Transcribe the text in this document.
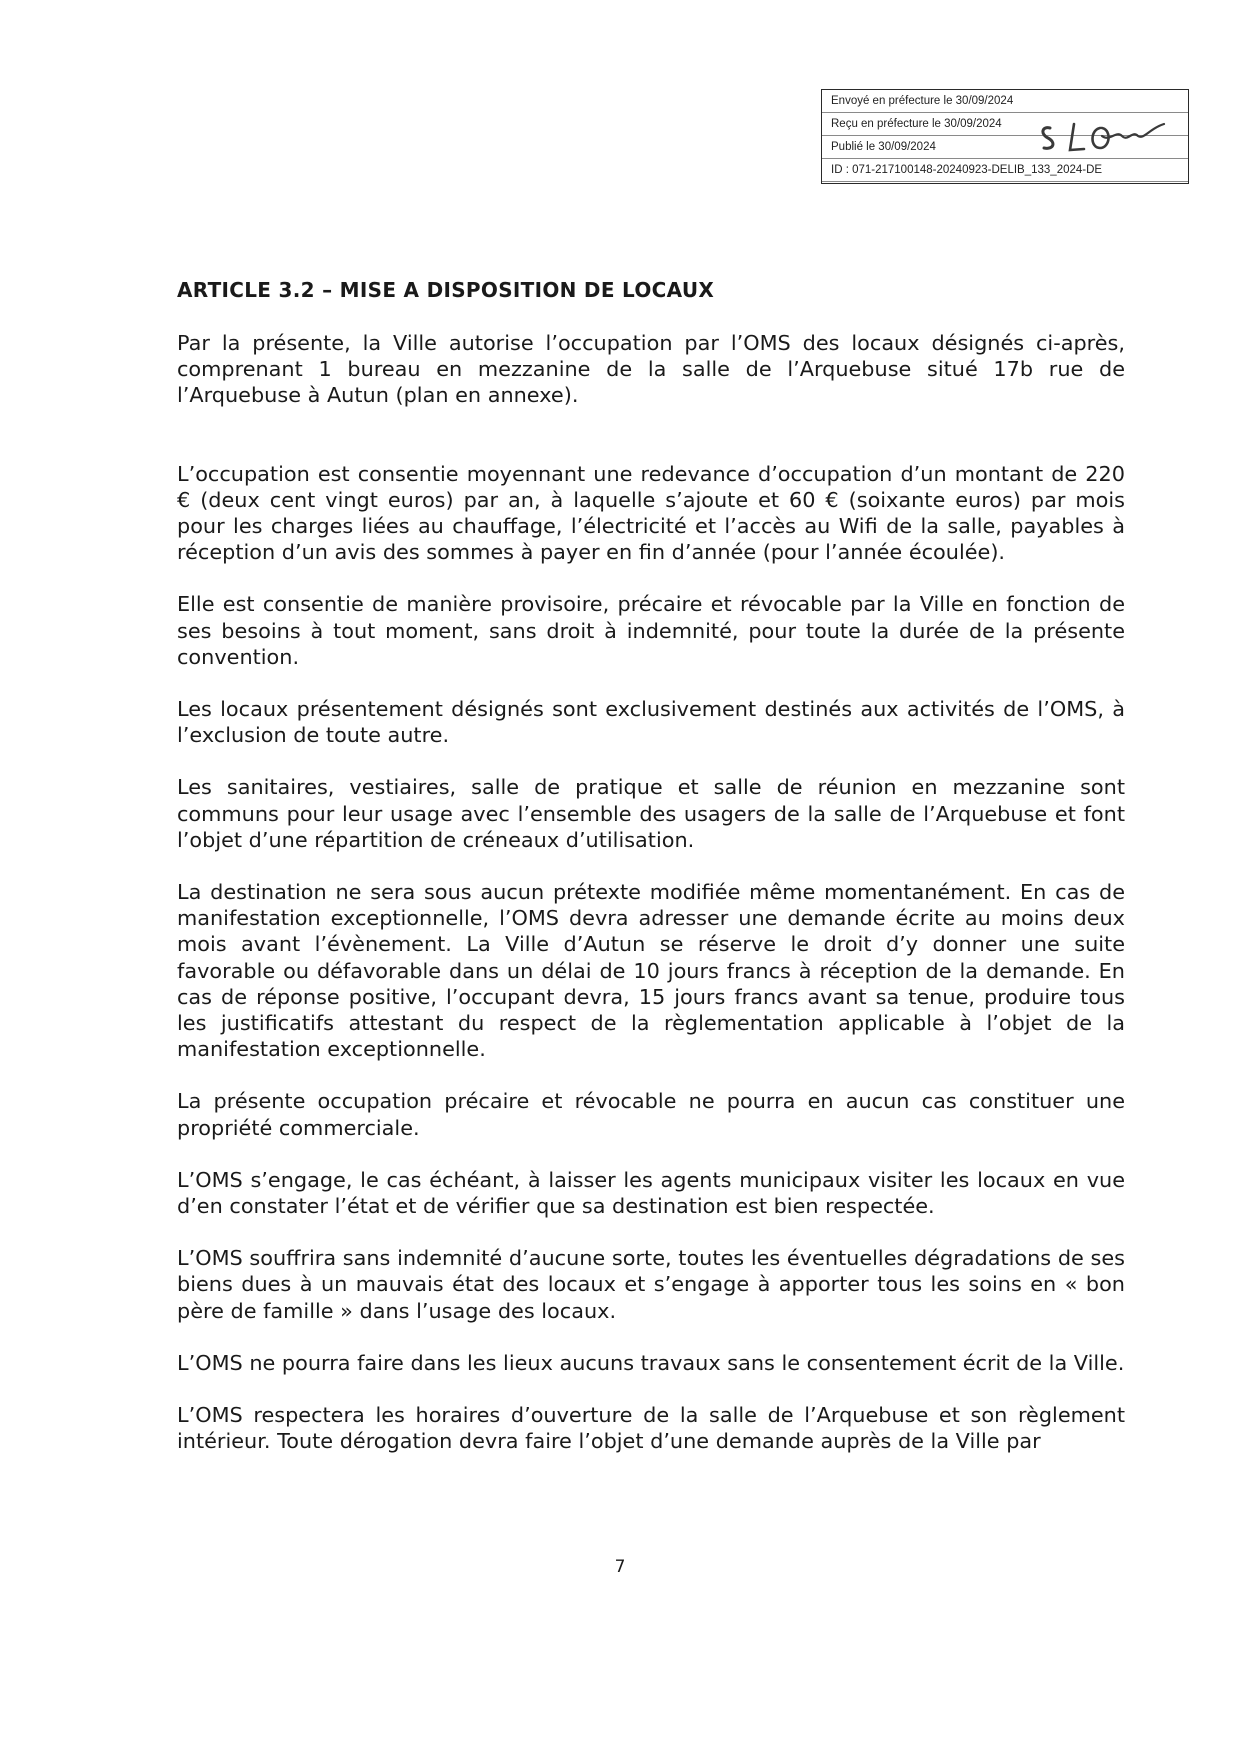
Envoyé en préfecture le 30/09/2024
Reçu en préfecture le 30/09/2024
Publié le 30/09/2024
ID : 071-217100148-20240923-DELIB_133_2024-DE
ARTICLE 3.2 – MISE A DISPOSITION DE LOCAUX

Par la présente, la Ville autorise l’occupation par l’OMS des locaux désignés ci-après, comprenant 1 bureau en mezzanine de la salle de l’Arquebuse situé 17b rue de l’Arquebuse à Autun (plan en annexe).

L’occupation est consentie moyennant une redevance d’occupation d’un montant de 220 € (deux cent vingt euros) par an, à laquelle s’ajoute et 60 € (soixante euros) par mois pour les charges liées au chauffage, l’électricité et l’accès au Wifi de la salle, payables à réception d’un avis des sommes à payer en fin d’année (pour l’année écoulée).

Elle est consentie de manière provisoire, précaire et révocable par la Ville en fonction de ses besoins à tout moment, sans droit à indemnité, pour toute la durée de la présente convention.

Les locaux présentement désignés sont exclusivement destinés aux activités de l’OMS, à l’exclusion de toute autre.

Les sanitaires, vestiaires, salle de pratique et salle de réunion en mezzanine sont communs pour leur usage avec l’ensemble des usagers de la salle de l’Arquebuse et font l’objet d’une répartition de créneaux d’utilisation.

La destination ne sera sous aucun prétexte modifiée même momentanément. En cas de manifestation exceptionnelle, l’OMS devra adresser une demande écrite au moins deux mois avant l’évènement. La Ville d’Autun se réserve le droit d’y donner une suite favorable ou défavorable dans un délai de 10 jours francs à réception de la demande. En cas de réponse positive, l’occupant devra, 15 jours francs avant sa tenue, produire tous les justificatifs attestant du respect de la règlementation applicable à l’objet de la manifestation exceptionnelle.

La présente occupation précaire et révocable ne pourra en aucun cas constituer une propriété commerciale.

L’OMS s’engage, le cas échéant, à laisser les agents municipaux visiter les locaux en vue d’en constater l’état et de vérifier que sa destination est bien respectée.

L’OMS souffrira sans indemnité d’aucune sorte, toutes les éventuelles dégradations de ses biens dues à un mauvais état des locaux et s’engage à apporter tous les soins en « bon père de famille » dans l’usage des locaux.

L’OMS ne pourra faire dans les lieux aucuns travaux sans le consentement écrit de la Ville.

L’OMS respectera les horaires d’ouverture de la salle de l’Arquebuse et son règlement intérieur. Toute dérogation devra faire l’objet d’une demande auprès de la Ville par

7
